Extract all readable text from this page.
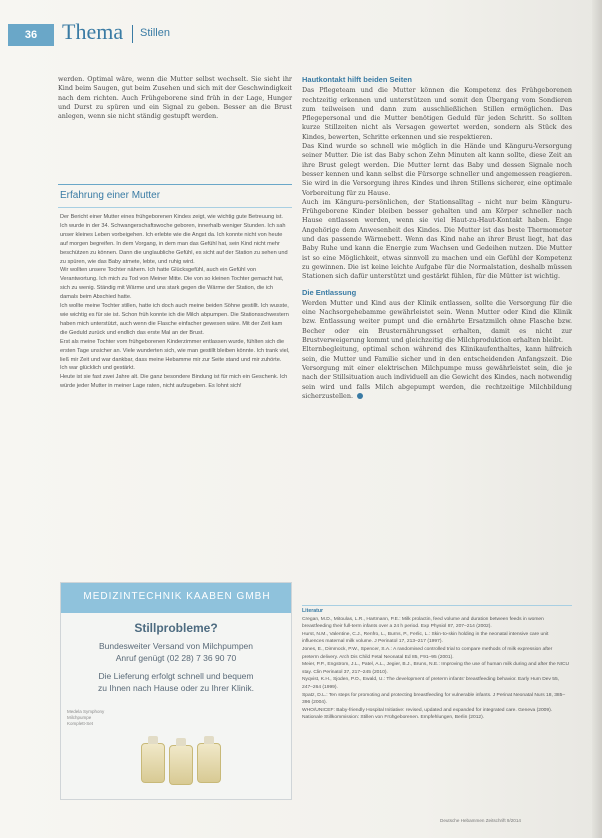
36	Thema Stillen

werden. Optimal wäre, wenn die Mutter selbst wechselt. Sie sieht ihr Kind beim Saugen, gut beim Zusehen und sich mit der Geschwindigkeit nach dem richten. Auch Frühgeborene sind früh in der Lage, Hunger und Durst zu spüren und ein Signal zu geben. Besser an die Brust anlegen, wenn sie nicht ständig gestupft werden.

Erfahrung einer Mutter

Der Bericht einer Mutter eines frühgeborenen Kindes zeigt, wie wichtig gute Betreuung ist.

Ich wurde in der 34. Schwangerschaftswoche geboren, innerhalb weniger Stunden. Ich sah unser kleines Leben vorbeigehen. Ich erlebte wie die Angst da. Ich konnte nicht von heute auf morgen begreifen. In dem Vorgang, in dem man das Gefühl hat, sein Kind nicht mehr beschützen zu können. Dann die unglaubliche Gefühl, es sicht auf der Station zu sehen und zu spüren, wie das Baby atmete, lebte, und ruhig wird.

Wir wollten unsere Tochter nähern. Ich hatte Glücksgefühl, auch ein Gefühl von Verantwortung. Ich mich zu Tod von Meiner Mitte. Die von so kleinen Tochter gemacht hat, sich zu wenig. Ständig mit Wärme und uns stark gegen die Wärme der Station, die ich damals beim Abschied hatte.

Ich wollte meine Tochter stillen, hatte ich doch auch meine beiden Söhne gestillt. Ich wusste, wie wichtig es für sie ist. Schon früh konnte ich die Milch abpumpen. Die Stationsschwestern haben mich unterstützt, auch wenn die Flasche einfacher gewesen wäre. Mit der Zeit kam die Geduld zurück und endlich das erste Mal an der Brust.

Erst als meine Tochter vom frühgeborenen Kinderzimmer entlassen wurde, fühlten sich die ersten Tage unsicher an. Viele wunderten sich, wie man gestillt bleiben könnte. Ich trank viel, ließ mir Zeit und war dankbar, dass meine Hebamme mir zur Seite stand und mir zuhörte. Ich war glücklich und gestärkt.

Heute ist sie fast zwei Jahre alt. Die ganz besondere Bindung ist für mich ein Geschenk. Ich würde jeder Mutter in meiner Lage raten, nicht aufzugeben. Es lohnt sich!

Hautkontakt hilft beiden Seiten

Das Pflegeteam und die Mutter können die Kompetenz des Frühgeborenen rechtzeitig erkennen und unterstützen und somit den Übergang vom Sondieren zum teilweisen und dann zum ausschließlichen Stillen ermöglichen. Das Pflegepersonal und die Mutter benötigen Geduld für jeden Schritt. So sollten kurze Stillzeiten nicht als Versagen gewertet werden, sondern als Stück des Kindes, bewerten, Schritte erkennen und sie respektieren.

Das Kind wurde so schnell wie möglich in die Hände und Känguru-Versorgung seiner Mutter. Die ist das Baby schon Zehn Minuten alt kann sollte, diese Zeit an ihre Brust gelegt werden. Die Mutter lernt das Baby und dessen Signale noch besser kennen und kann selbst die Fürsorge schneller und angemessen reagieren. Sie wird in die Versorgung ihres Kindes und ihren Stillens sicherer, eine optimale Vorbereitung für zu Hause.

Auch im Känguru-persönlichen, der Stationsalltag – nicht nur beim Känguru-Frühgeborene Kinder bleiben besser gehalten und am Körper schneller nach Hause entlassen werden, wenn sie viel Haut-zu-Haut-Kontakt haben. Enge Angehörige dem Anwesenheit des Kindes. Die Mutter ist das beste Thermometer und das passende Wärmebett. Wenn das Kind nahe an ihrer Brust liegt, hat das Baby Ruhe und kann die Energie zum Wachsen und Gedeihen nutzen. Die Mutter ist so eine Möglichkeit, etwas sinnvoll zu machen und ein Gefühl der Kompetenz zu gewinnen. Die ist keine leichte Aufgabe für die Normalstation, deshalb müssen Stationen sich dafür unterstützt und gestärkt fühlen, für die Mütter ist wichtig.

Die Entlassung

Werden Mutter und Kind aus der Klinik entlassen, sollte die Versorgung für die eine Nachsorgehebamme gewährleistet sein. Wenn Mutter oder Kind die Klinik bzw. Entlassung weiter pumpt und die ernährte Ersatzmilch ohne Flasche bzw. Becher oder ein Brusternährungsset erhalten, damit es nicht zur Brustverweigerung kommt und gleichzeitig die Milchproduktion erhalten bleibt.

Elternbegleitung, optimal schon während des Klinikaufenthaltes, kann hilfreich sein, die Mutter und Familie sicher und in den entscheidenden Anfangszeit. Die Versorgung mit einer elektrischen Milchpumpe muss gewährleistet sein, die je nach der Stillsituation auch individuell an die Gewicht des Kindes, nach notwendig sein wird und falls Milch abgepumpt werden, die rechtzeitige Milchbildung sicherzustellen.

MEDIZINTECHNIK KAABEN GMBH
Stillprobleme?
Bundesweiter Versand von Milchpumpen
Anruf genügt (02 28) 7 36 90 70
Die Lieferung erfolgt schnell und bequem
zu Ihnen nach Hause oder zu Ihrer Klinik.
Medela Symphony
Milchpumpe
Komplett-Set
Literatur
Cregan, M.D., Mitoulas, L.R., Hartmann, P.E.: Milk prolactin, feed volume and duration between feeds in women breastfeeding their full-term infants over a 24 h period. Exp Physiol 87, 207–214 (2002).
Hurst, N.M., Valentine, C.J., Renfro, L., Burns, P., Ferlic, L.: Skin-to-skin holding in the neonatal intensive care unit influences maternal milk volume. J Perinatol 17, 213–217 (1997).
Jones, E., Dimmock, P.W., Spencer, S.A.: A randomised controlled trial to compare methods of milk expression after preterm delivery. Arch Dis Child Fetal Neonatal Ed 85, F91–95 (2001).
Meier, P.P., Engstrom, J.L., Patel, A.L., Jegier, B.J., Bruns, N.E.: Improving the use of human milk during and after the NICU stay. Clin Perinatol 37, 217–245 (2010).
Nyqvist, K.H., Sjoden, P.O., Ewald, U.: The development of preterm infants’ breastfeeding behavior. Early Hum Dev 55, 247–264 (1999).
Spatz, D.L.: Ten steps for promoting and protecting breastfeeding for vulnerable infants. J Perinat Neonatal Nurs 18, 385–396 (2004).
WHO/UNICEF: Baby-friendly Hospital Initiative: revised, updated and expanded for integrated care. Geneva (2009).
Nationale Stillkommission: Stillen von Frühgeborenen. Empfehlungen, Berlin (2012).
Deutsche Hebammen Zeitschrift 9/2014
